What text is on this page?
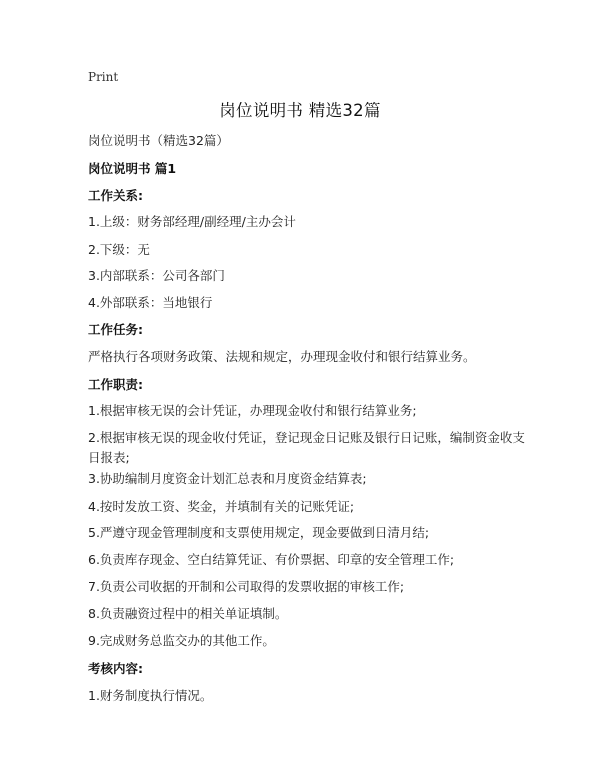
Print
岗位说明书 精选32篇
岗位说明书（精选32篇）
岗位说明书 篇1
工作关系:
1.上级：财务部经理/副经理/主办会计
2.下级：无
3.内部联系：公司各部门
4.外部联系：当地银行
工作任务:
严格执行各项财务政策、法规和规定，办理现金收付和银行结算业务。
工作职责:
1.根据审核无误的会计凭证，办理现金收付和银行结算业务;
2.根据审核无误的现金收付凭证，登记现金日记账及银行日记账，编制资金收支日报表;
3.协助编制月度资金计划汇总表和月度资金结算表;
4.按时发放工资、奖金，并填制有关的记账凭证;
5.严遵守现金管理制度和支票使用规定，现金要做到日清月结;
6.负责库存现金、空白结算凭证、有价票据、印章的安全管理工作;
7.负责公司收据的开制和公司取得的发票收据的审核工作;
8.负责融资过程中的相关单证填制。
9.完成财务总监交办的其他工作。
考核内容:
1.财务制度执行情况。
